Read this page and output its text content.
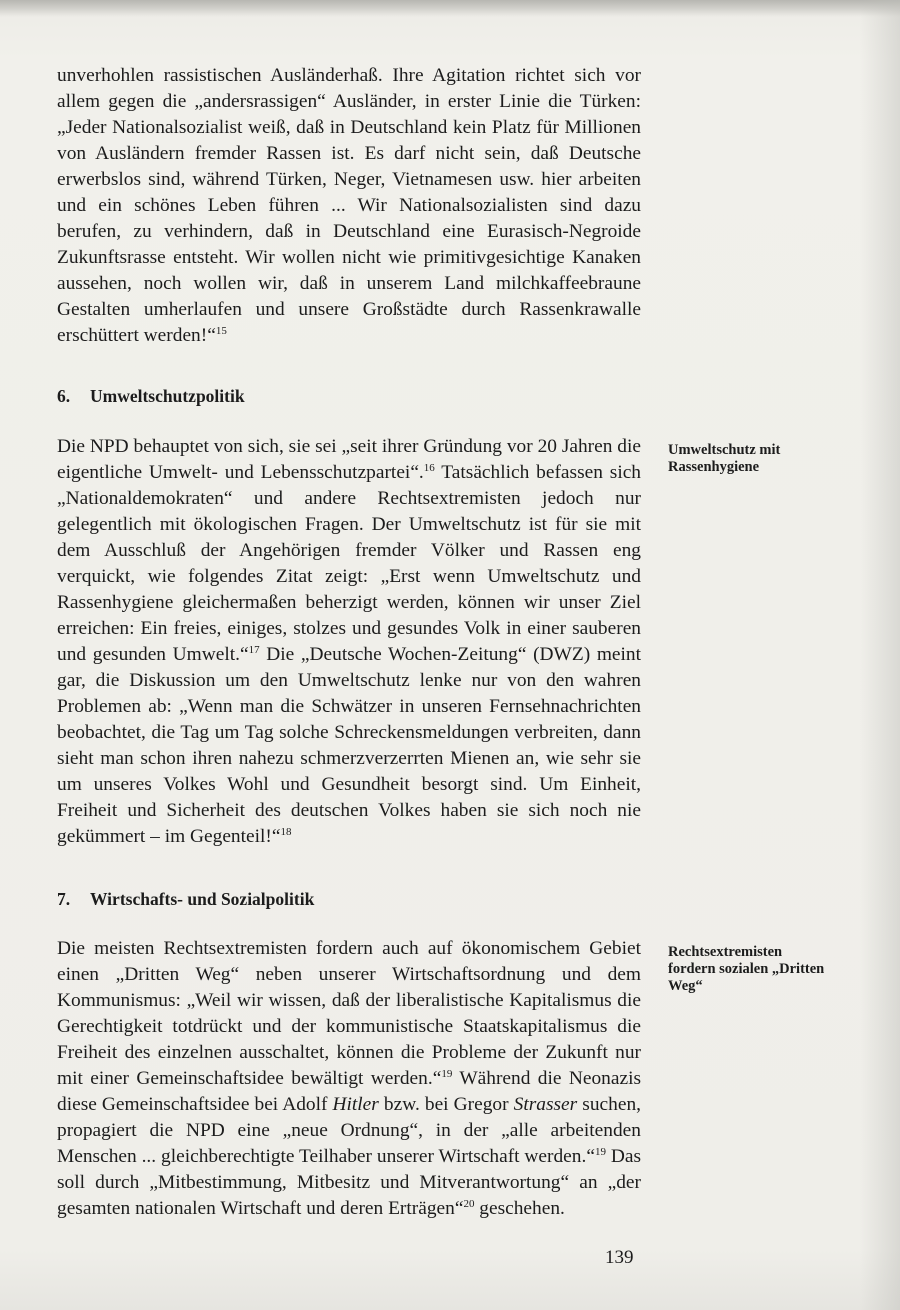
unverhohlen rassistischen Ausländerhaß. Ihre Agitation richtet sich vor allem gegen die „andersrassigen“ Ausländer, in erster Linie die Türken: „Jeder Nationalsozialist weiß, daß in Deutschland kein Platz für Millionen von Ausländern fremder Rassen ist. Es darf nicht sein, daß Deutsche erwerbslos sind, während Türken, Neger, Vietnamesen usw. hier arbeiten und ein schönes Leben führen ... Wir Nationalsozialisten sind dazu berufen, zu verhindern, daß in Deutschland eine Eurasisch-Negroide Zukunftsrasse entsteht. Wir wollen nicht wie primitivgesichtige Kanaken aussehen, noch wollen wir, daß in unserem Land milchkaffeebraune Gestalten umherlaufen und unsere Großstädte durch Rassenkrawalle erschüttert werden!“$^{15}$

6. Umweltschutzpolitik

Umweltschutz mit Rassenhygiene

Die NPD behauptet von sich, sie sei „seit ihrer Gründung vor 20 Jahren die eigentliche Umwelt- und Lebensschutzpartei“.$^{16}$ Tatsächlich befassen sich „Nationaldemokraten“ und andere Rechtsextremisten jedoch nur gelegentlich mit ökologischen Fragen. Der Umweltschutz ist für sie mit dem Ausschluß der Angehörigen fremder Völker und Rassen eng verquickt, wie folgendes Zitat zeigt: „Erst wenn Umweltschutz und Rassenhygiene gleichermaßen beherzigt werden, können wir unser Ziel erreichen: Ein freies, einiges, stolzes und gesundes Volk in einer sauberen und gesunden Umwelt.“$^{17}$ Die „Deutsche Wochen-Zeitung“ (DWZ) meint gar, die Diskussion um den Umweltschutz lenke nur von den wahren Problemen ab: „Wenn man die Schwätzer in unseren Fernsehnachrichten beobachtet, die Tag um Tag solche Schreckensmeldungen verbreiten, dann sieht man schon ihren nahezu schmerzverzerrten Mienen an, wie sehr sie um unseres Volkes Wohl und Gesundheit besorgt sind. Um Einheit, Freiheit und Sicherheit des deutschen Volkes haben sie sich noch nie gekümmert – im Gegenteil!“$^{18}$

7. Wirtschafts- und Sozialpolitik

Rechtsextremisten fordern sozialen „Dritten Weg“

Die meisten Rechtsextremisten fordern auch auf ökonomischem Gebiet einen „Dritten Weg“ neben unserer Wirtschaftsordnung und dem Kommunismus: „Weil wir wissen, daß der liberalistische Kapitalismus die Gerechtigkeit totdrückt und der kommunistische Staatskapitalismus die Freiheit des einzelnen ausschaltet, können die Probleme der Zukunft nur mit einer Gemeinschaftsidee bewältigt werden.“$^{19}$ Während die Neonazis diese Gemeinschaftsidee bei Adolf Hitler bzw. bei Gregor Strasser suchen, propagiert die NPD eine „neue Ordnung“, in der „alle arbeitenden Menschen ... gleichberechtigte Teilhaber unserer Wirtschaft werden.“$^{19}$ Das soll durch „Mitbestimmung, Mitbesitz und Mitverantwortung“ an „der gesamten nationalen Wirtschaft und deren Erträgen“$^{20}$ geschehen.

139
